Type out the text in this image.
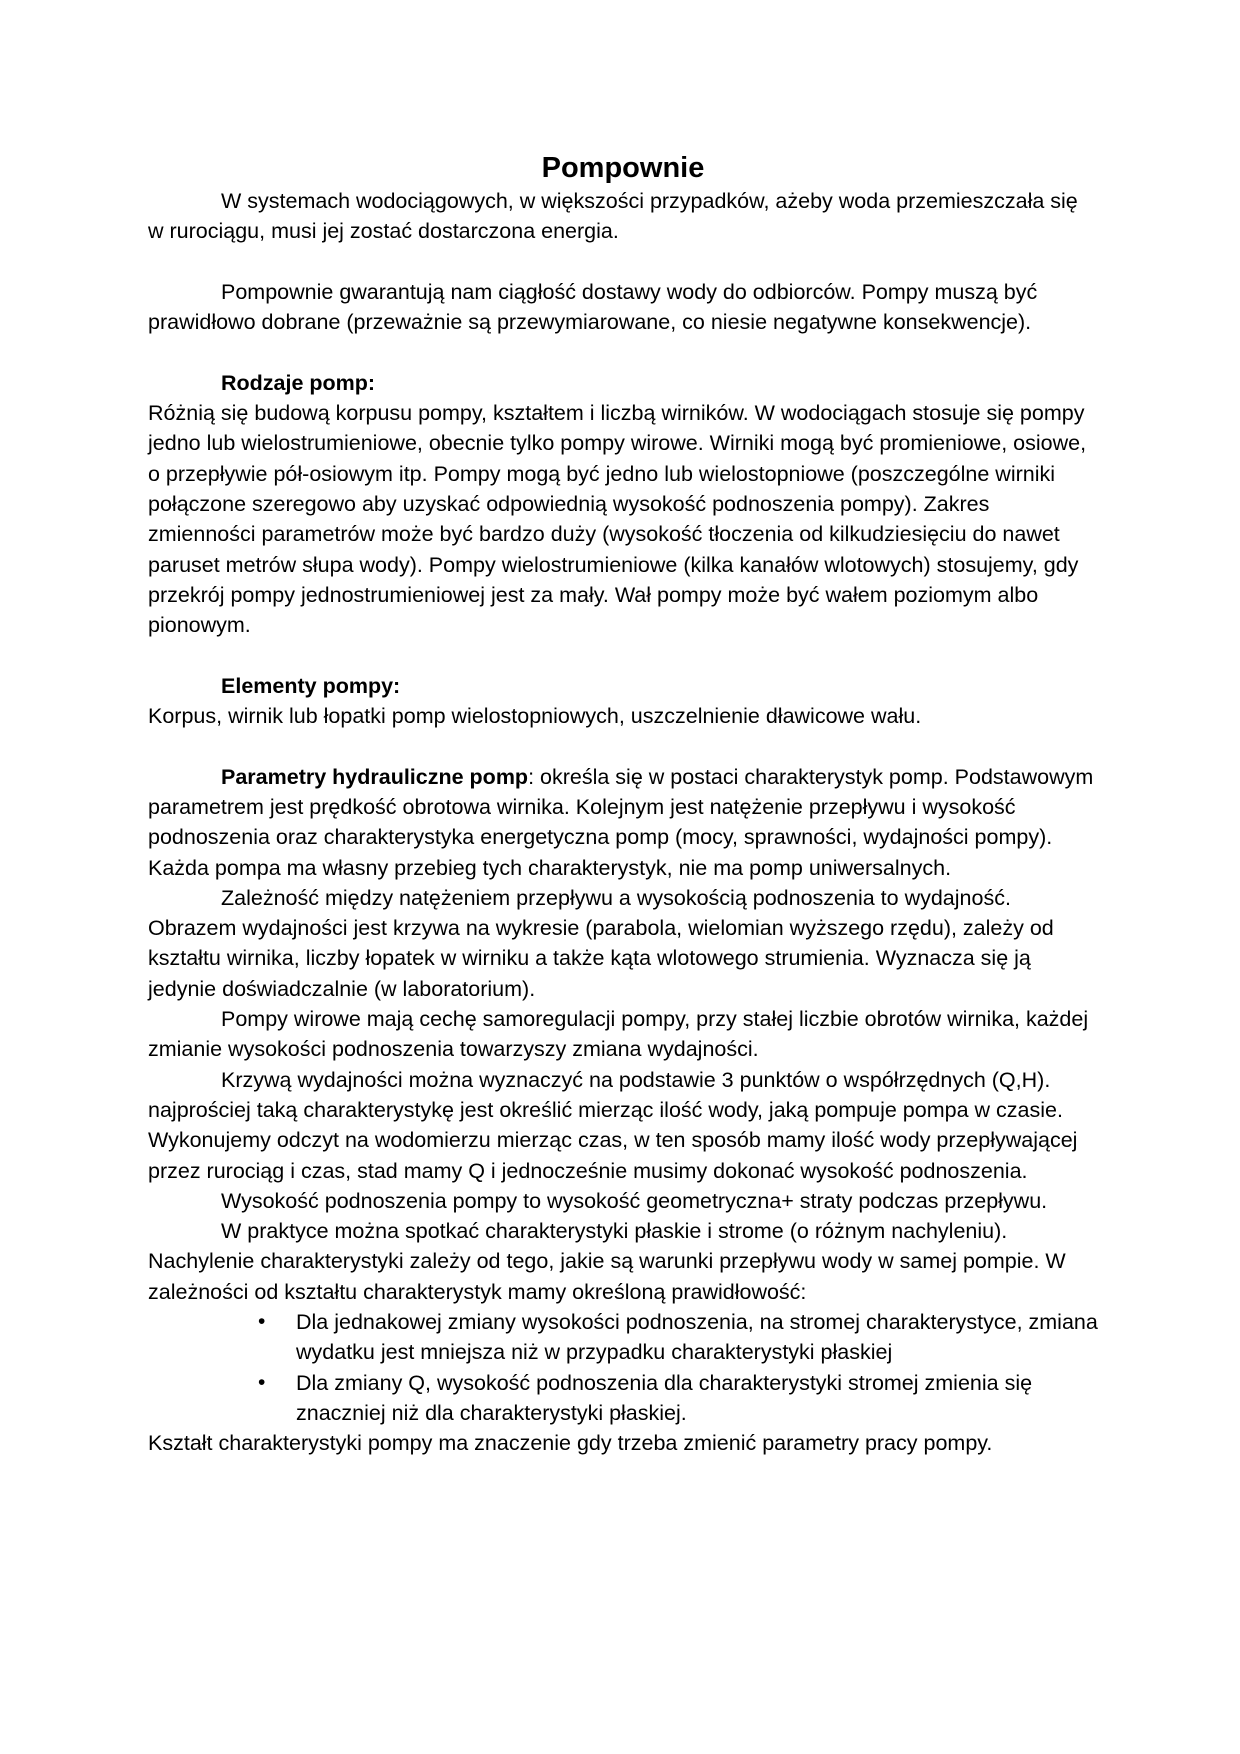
Pompownie

W systemach wodociągowych, w większości przypadków, ażeby woda przemieszczała się w rurociągu, musi jej zostać dostarczona energia.

Pompownie gwarantują nam ciągłość dostawy wody do odbiorców. Pompy muszą być prawidłowo dobrane (przeważnie są przewymiarowane, co niesie negatywne konsekwencje).

Rodzaje pomp:

Różnią się budową korpusu pompy, kształtem i liczbą wirników. W wodociągach stosuje się pompy jedno lub wielostrumieniowe, obecnie tylko pompy wirowe. Wirniki mogą być promieniowe, osiowe, o przepływie pół-osiowym itp. Pompy mogą być jedno lub wielostopniowe (poszczególne wirniki połączone szeregowo aby uzyskać odpowiednią wysokość podnoszenia pompy). Zakres zmienności parametrów może być bardzo duży (wysokość tłoczenia od kilkudziesięciu do nawet paruset metrów słupa wody). Pompy wielostrumieniowe (kilka kanałów wlotowych) stosujemy, gdy przekrój pompy jednostrumieniowej jest za mały. Wał pompy może być wałem poziomym albo pionowym.

Elementy pompy:

Korpus, wirnik lub łopatki pomp wielostopniowych, uszczelnienie dławicowe wału.

Parametry hydrauliczne pomp: określa się w postaci charakterystyk pomp. Podstawowym parametrem jest prędkość obrotowa wirnika. Kolejnym jest natężenie przepływu i wysokość podnoszenia oraz charakterystyka energetyczna pomp (mocy, sprawności, wydajności pompy). Każda pompa ma własny przebieg tych charakterystyk, nie ma pomp uniwersalnych.

Zależność między natężeniem przepływu a wysokością podnoszenia to wydajność. Obrazem wydajności jest krzywa na wykresie (parabola, wielomian wyższego rzędu), zależy od kształtu wirnika, liczby łopatek w wirniku a także kąta wlotowego strumienia. Wyznacza się ją jedynie doświadczalnie (w laboratorium).

Pompy wirowe mają cechę samoregulacji pompy, przy stałej liczbie obrotów wirnika, każdej zmianie wysokości podnoszenia towarzyszy zmiana wydajności.

Krzywą wydajności można wyznaczyć na podstawie 3 punktów o współrzędnych (Q,H). najprościej taką charakterystykę jest określić mierząc ilość wody, jaką pompuje pompa w czasie. Wykonujemy odczyt na wodomierzu mierząc czas, w ten sposób mamy ilość wody przepływającej przez rurociąg i czas, stad mamy Q i jednocześnie musimy dokonać wysokość podnoszenia.

Wysokość podnoszenia pompy to wysokość geometryczna+ straty podczas przepływu.

W praktyce można spotkać charakterystyki płaskie i strome (o różnym nachyleniu). Nachylenie charakterystyki zależy od tego, jakie są warunki przepływu wody w samej pompie. W zależności od kształtu charakterystyk mamy określoną prawidłowość:

• Dla jednakowej zmiany wysokości podnoszenia, na stromej charakterystyce, zmiana wydatku jest mniejsza niż w przypadku charakterystyki płaskiej
• Dla zmiany Q, wysokość podnoszenia dla charakterystyki stromej zmienia się znaczniej niż dla charakterystyki płaskiej.

Kształt charakterystyki pompy ma znaczenie gdy trzeba zmienić parametry pracy pompy.
